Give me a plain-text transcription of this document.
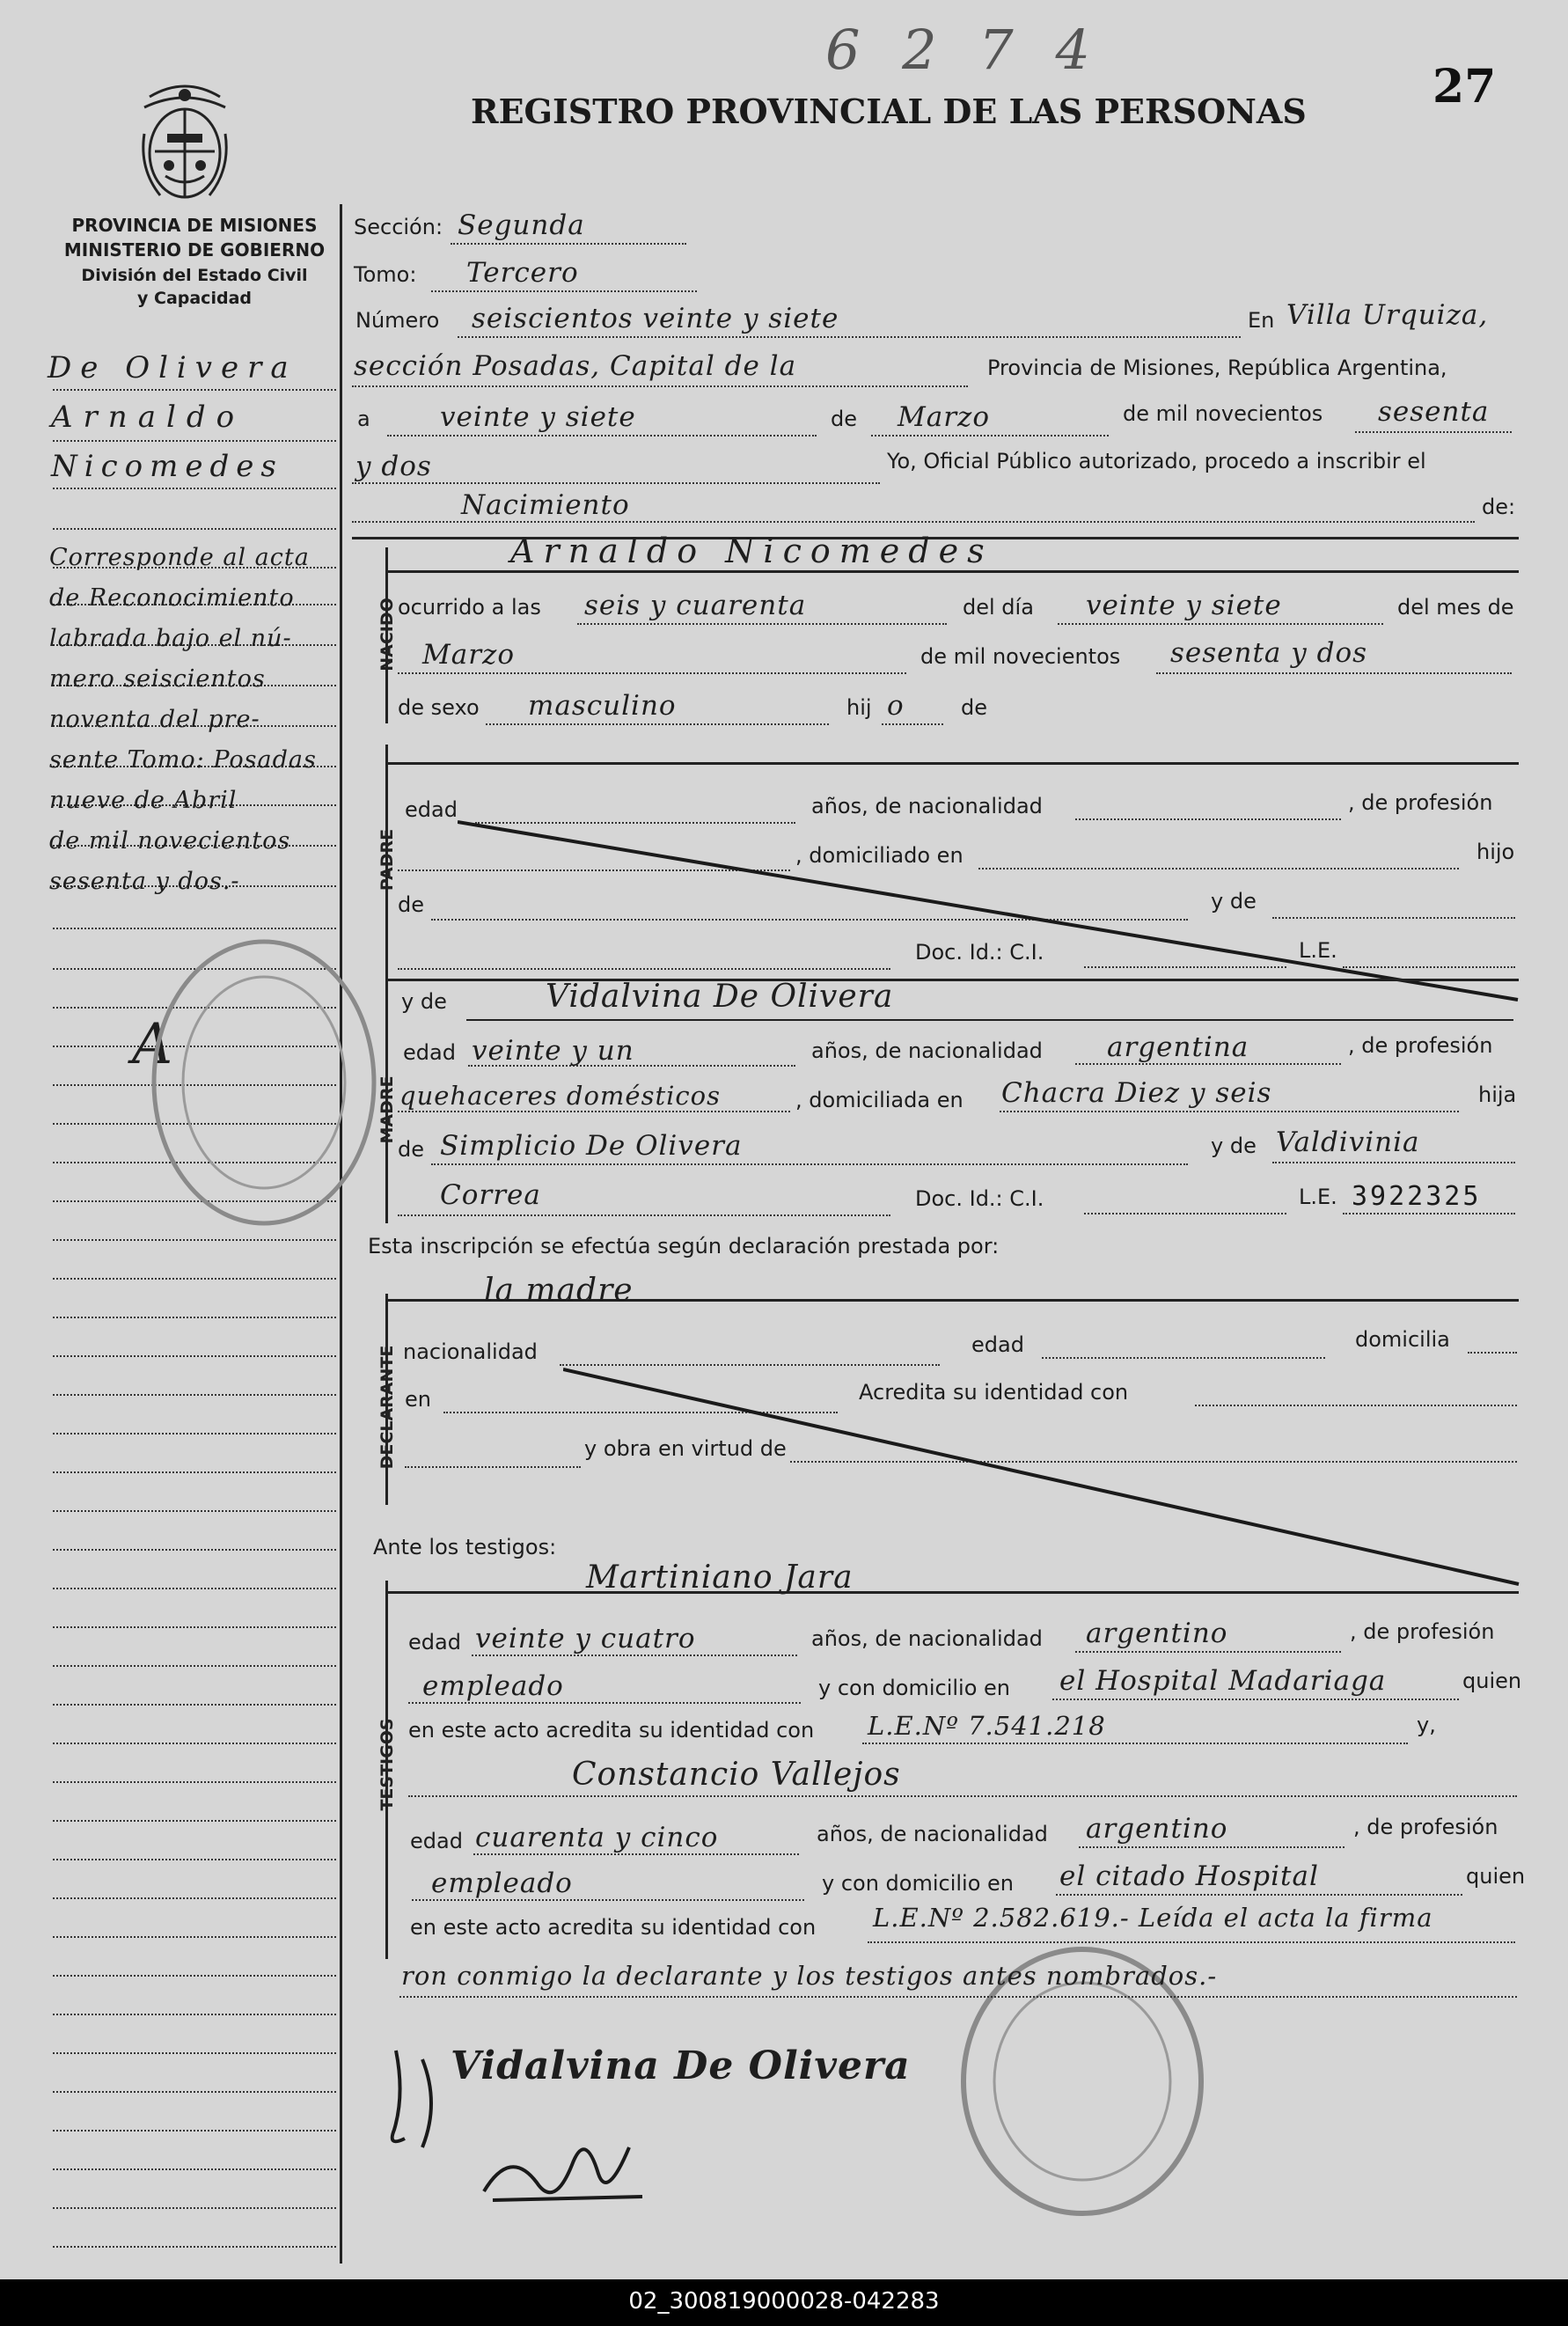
PROVINCIA DE MISIONES
MINISTERIO DE GOBIERNO
División del Estado Civil
y Capacidad
REGISTRO PROVINCIAL DE LAS PERSONAS
6 2 7 4
27
De Olivera
Arnaldo
Nicomedes
Corresponde al acta
de Reconocimiento
labrada bajo el nú-
mero seiscientos
noventa del pre-
sente Tomo: Posadas
nueve de Abril
de mil novecientos
sesenta y dos.-
A
Sección: Segunda
Tomo: Tercero
Número seiscientos veinte y siete	En Villa Urquiza,
sección Posadas, Capital de la	Provincia de Misiones, República Argentina,
a	veinte y siete	de Marzo	de mil novecientos sesenta
y dos	Yo, Oficial Público autorizado, procedo a inscribir el
Nacimiento	de:
NACIDO
Arnaldo Nicomedes
ocurrido a las seis y cuarenta	del día veinte y siete	del mes de
Marzo	de mil novecientos sesenta y dos
de sexo masculino	hij o	de
PADRE
edad	años, de nacionalidad	, de profesión
, domiciliado en	hijo
de	y de
Doc. Id.: C.I.	L.E.
MADRE
y de	Vidalvina De Olivera
edad veinte y un	años, de nacionalidad argentina	, de profesión
quehaceres domésticos	, domiciliada en Chacra Diez y seis	hija
de Simplicio De Olivera	y de Valdivinia
Correa	Doc. Id.: C.I.	L.E. 3922325
Esta inscripción se efectúa según declaración prestada por:
la madre
DECLARANTE nacionalidad	edad	domicilia
en	Acredita su identidad con
y obra en virtud de
Ante los testigos:
Martiniano Jara
TESTIGOS
edad veinte y cuatro	años, de nacionalidad argentino	, de profesión
empleado	y con domicilio en el Hospital Madariaga	quien
en este acto acredita su identidad con L.E.Nº 7.541.218	y,
Constancio Vallejos
edad cuarenta y cinco	años, de nacionalidad argentino	, de profesión
empleado	y con domicilio en el citado Hospital	quien
en este acto acredita su identidad con L.E.Nº 2.582.619.- Leída el acta la firma
ron conmigo la declarante y los testigos antes nombrados.-
Vidalvina De Olivera
02_300819000028-042283
